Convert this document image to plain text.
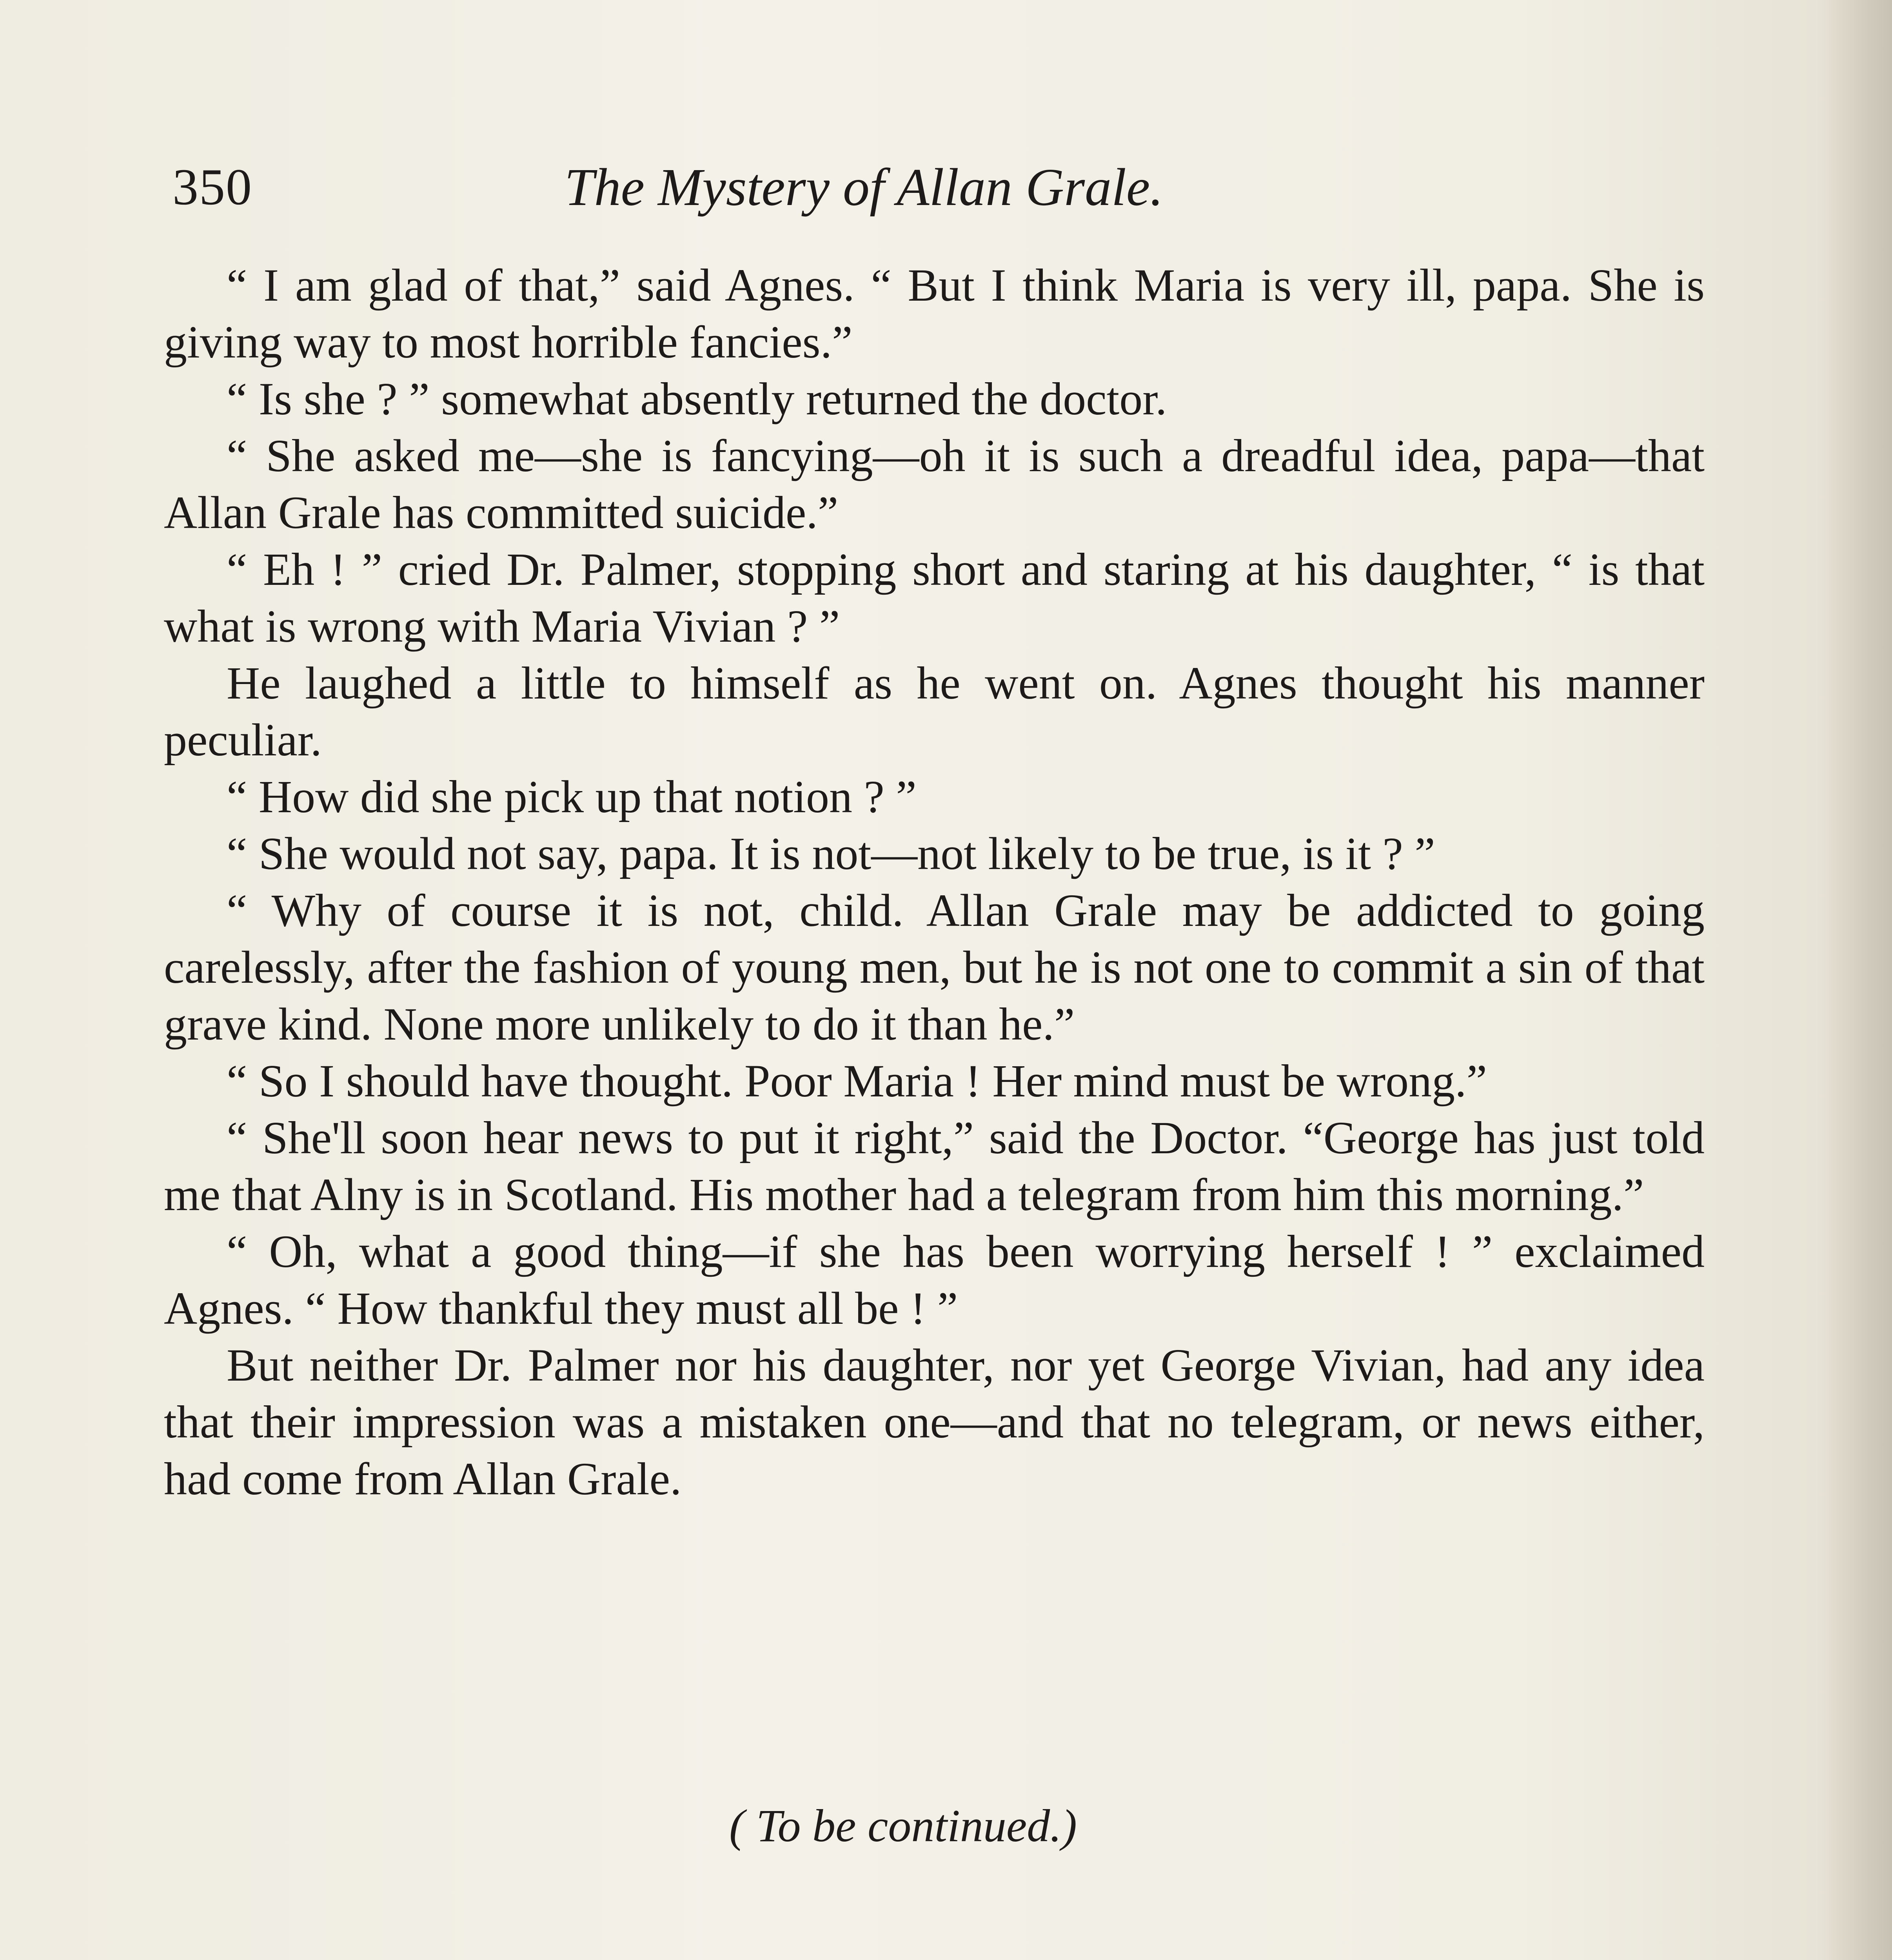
350	The Mystery of Allan Grale.

“ I am glad of that,” said Agnes. “ But I think Maria is very ill, papa. She is giving way to most horrible fancies.”

“ Is she ? ” somewhat absently returned the doctor.

“ She asked me—she is fancying—oh it is such a dreadful idea, papa—that Allan Grale has committed suicide.”

“ Eh ! ” cried Dr. Palmer, stopping short and staring at his daughter, “ is that what is wrong with Maria Vivian ? ”

He laughed a little to himself as he went on. Agnes thought his manner peculiar.

“ How did she pick up that notion ? ”

“ She would not say, papa. It is not—not likely to be true, is it ? ”

“ Why of course it is not, child. Allan Grale may be addicted to going carelessly, after the fashion of young men, but he is not one to commit a sin of that grave kind. None more unlikely to do it than he.”

“ So I should have thought. Poor Maria ! Her mind must be wrong.”

“ She'll soon hear news to put it right,” said the Doctor. “George has just told me that Alny is in Scotland. His mother had a telegram from him this morning.”

“ Oh, what a good thing—if she has been worrying herself ! ” exclaimed Agnes. “ How thankful they must all be ! ”

But neither Dr. Palmer nor his daughter, nor yet George Vivian, had any idea that their impression was a mistaken one—and that no telegram, or news either, had come from Allan Grale.

( To be continued.)
